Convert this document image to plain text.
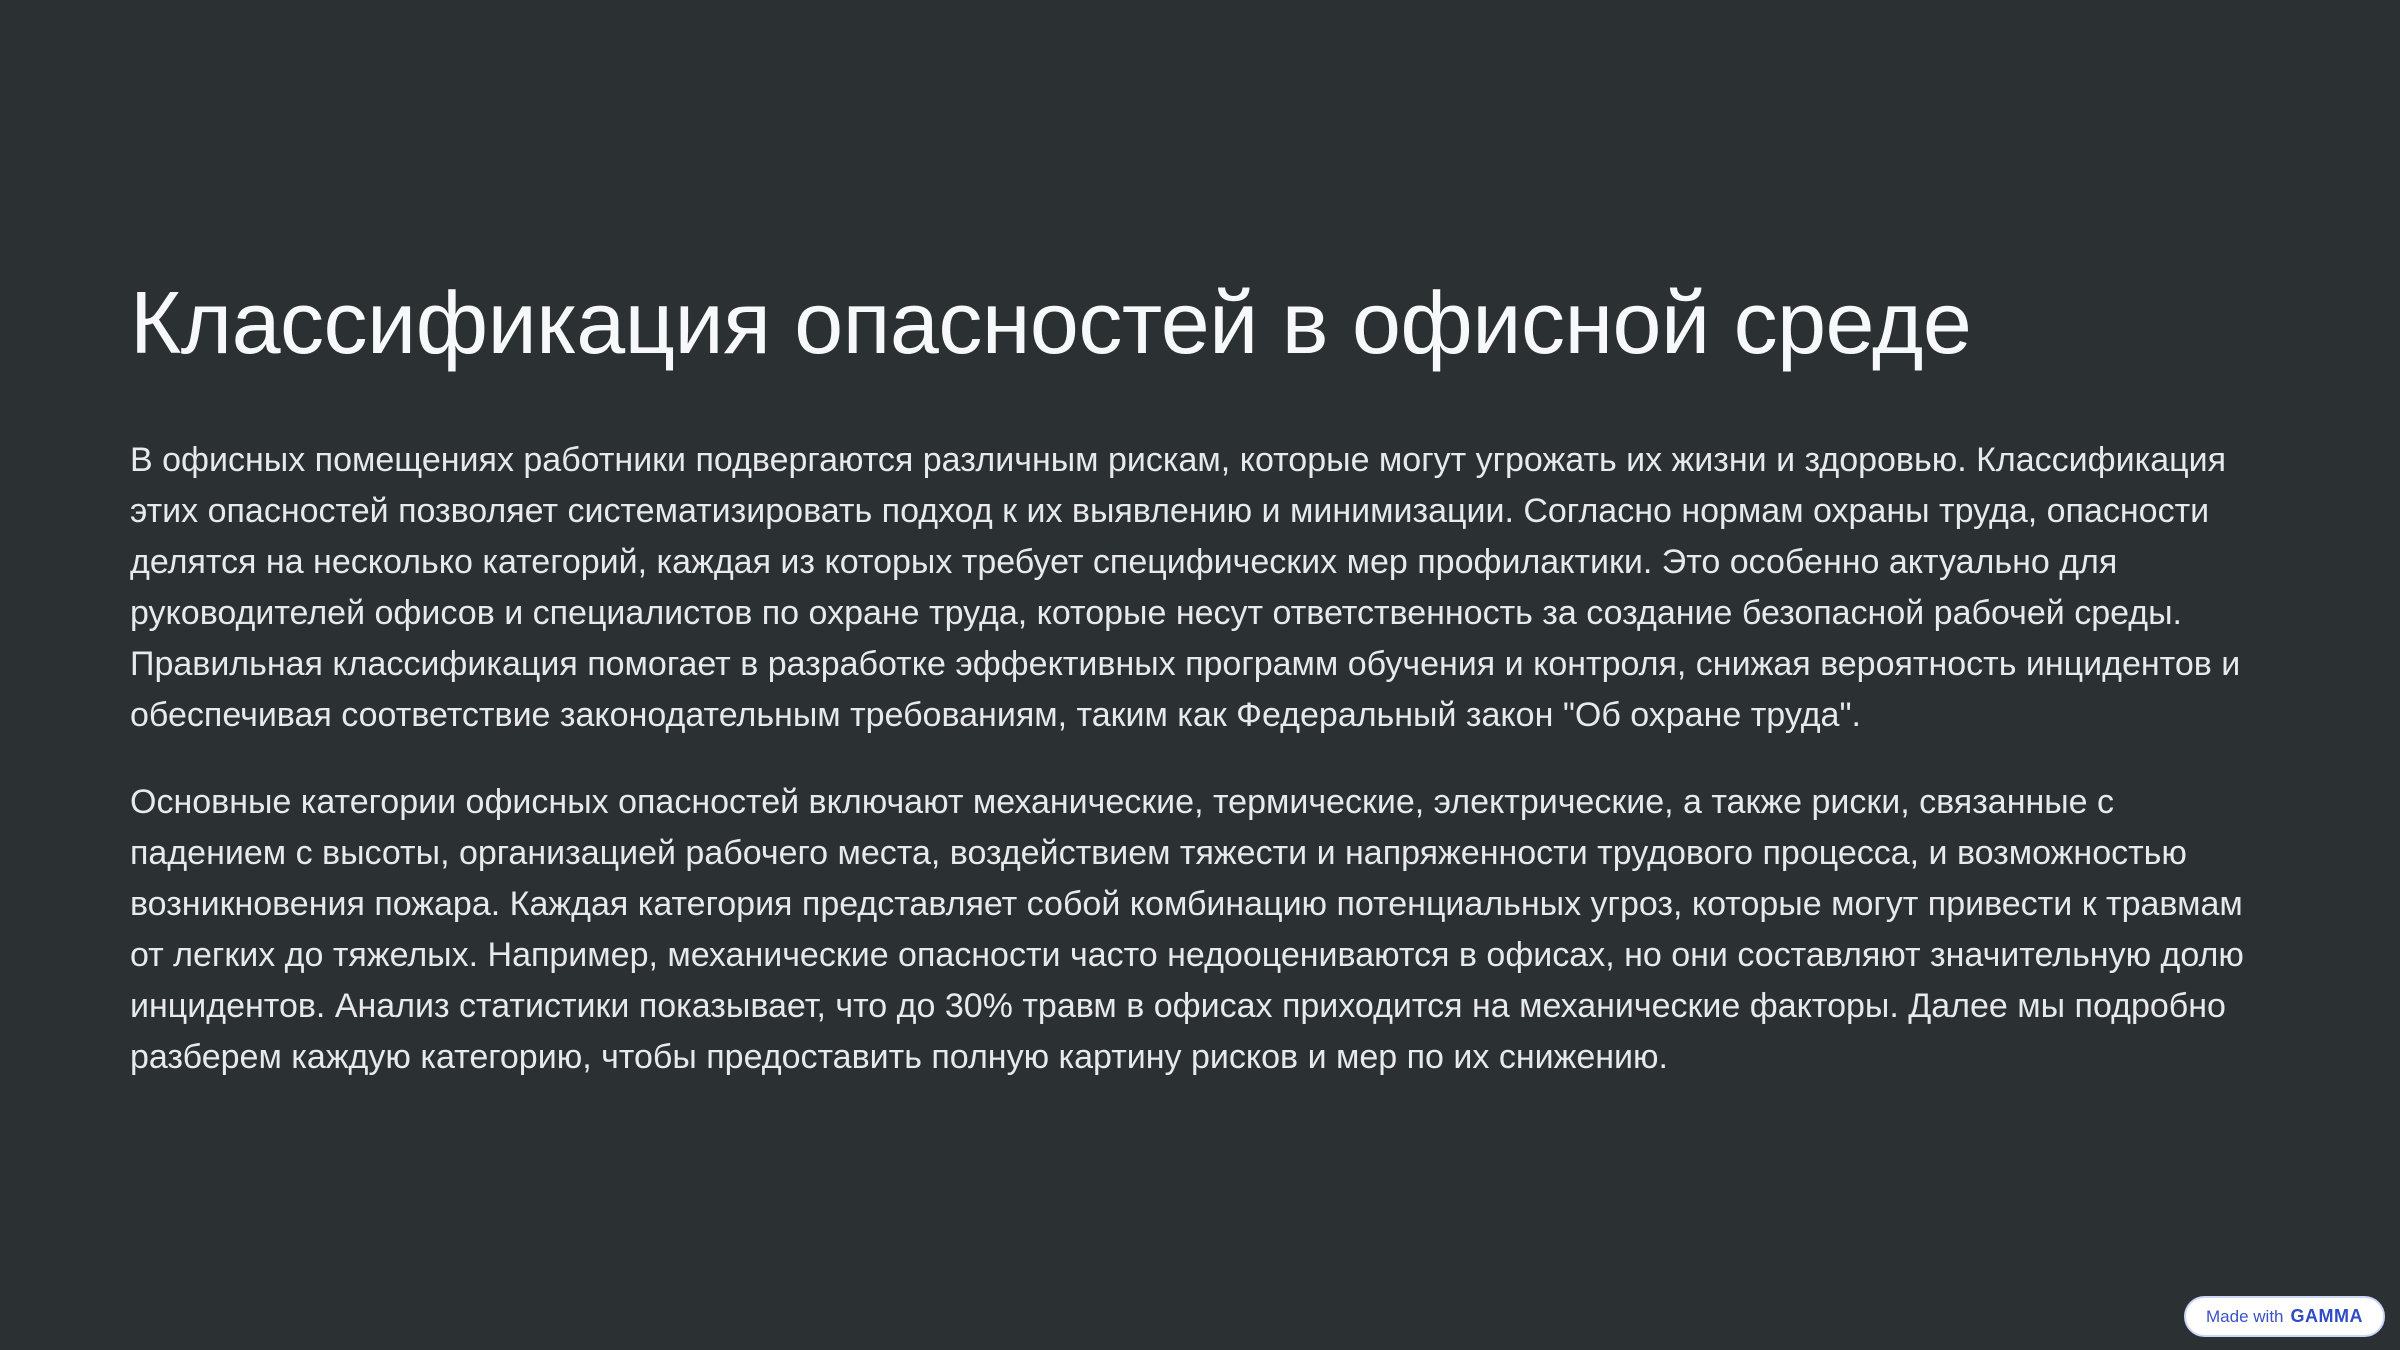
Классификация опасностей в офисной среде

В офисных помещениях работники подвергаются различным рискам, которые могут угрожать их жизни и здоровью. Классификация этих опасностей позволяет систематизировать подход к их выявлению и минимизации. Согласно нормам охраны труда, опасности делятся на несколько категорий, каждая из которых требует специфических мер профилактики. Это особенно актуально для руководителей офисов и специалистов по охране труда, которые несут ответственность за создание безопасной рабочей среды. Правильная классификация помогает в разработке эффективных программ обучения и контроля, снижая вероятность инцидентов и обеспечивая соответствие законодательным требованиям, таким как Федеральный закон "Об охране труда".

Основные категории офисных опасностей включают механические, термические, электрические, а также риски, связанные с падением с высоты, организацией рабочего места, воздействием тяжести и напряженности трудового процесса, и возможностью возникновения пожара. Каждая категория представляет собой комбинацию потенциальных угроз, которые могут привести к травмам от легких до тяжелых. Например, механические опасности часто недооцениваются в офисах, но они составляют значительную долю инцидентов. Анализ статистики показывает, что до 30% травм в офисах приходится на механические факторы. Далее мы подробно разберем каждую категорию, чтобы предоставить полную картину рисков и мер по их снижению.

Made with GAMMA
